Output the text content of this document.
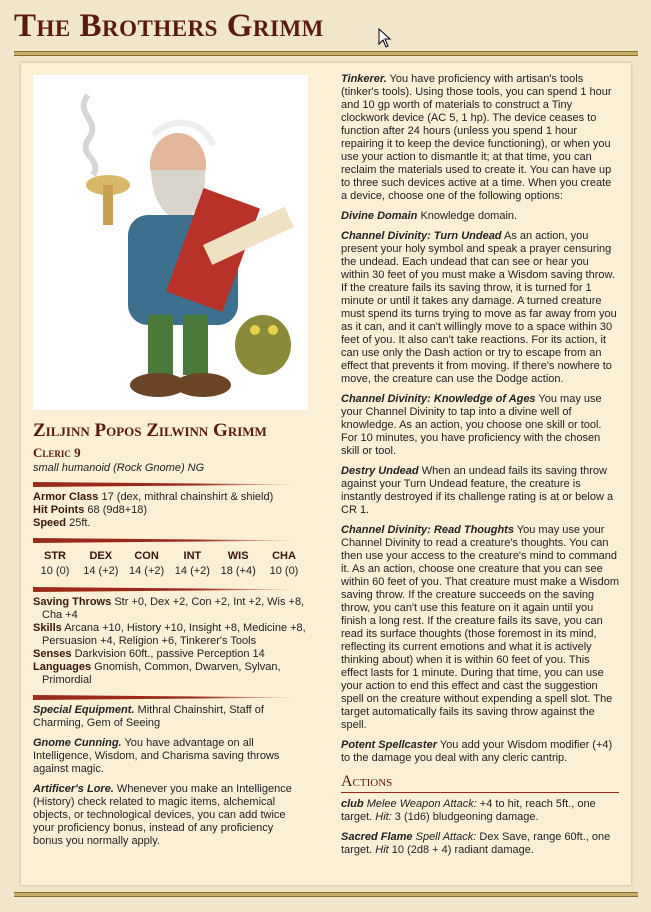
The Brothers Grimm
Ziljinn Popos Zilwinn Grimm
Cleric 9
small humanoid (Rock Gnome) NG
Armor Class 17 (dex, mithral chainshirt & shield)
Hit Points 68 (9d8+18)
Speed 25ft.
STR
10 (0)
DEX
14 (+2)
CON
14 (+2)
INT
14 (+2)
WIS
18 (+4)
CHA
10 (0)
Saving Throws Str +0, Dex +2, Con +2, Int +2, Wis +8, Cha +4
Skills Arcana +10, History +10, Insight +8, Medicine +8, Persuasion +4, Religion +6, Tinkerer's Tools
Senses Darkvision 60ft., passive Perception 14
Languages Gnomish, Common, Dwarven, Sylvan, Primordial

Special Equipment. Mithral Chainshirt, Staff of Charming, Gem of Seeing

Gnome Cunning. You have advantage on all Intelligence, Wisdom, and Charisma saving throws against magic.

Artificer's Lore. Whenever you make an Intelligence (History) check related to magic items, alchemical objects, or technological devices, you can add twice your proficiency bonus, instead of any proficiency bonus you normally apply.

Tinkerer. You have proficiency with artisan's tools (tinker's tools). Using those tools, you can spend 1 hour and 10 gp worth of materials to construct a Tiny clockwork device (AC 5, 1 hp). The device ceases to function after 24 hours (unless you spend 1 hour repairing it to keep the device functioning), or when you use your action to dismantle it; at that time, you can reclaim the materials used to create it. You can have up to three such devices active at a time. When you create a device, choose one of the following options:

Divine Domain Knowledge domain.

Channel Divinity: Turn Undead As an action, you present your holy symbol and speak a prayer censuring the undead. Each undead that can see or hear you within 30 feet of you must make a Wisdom saving throw. If the creature fails its saving throw, it is turned for 1 minute or until it takes any damage. A turned creature must spend its turns trying to move as far away from you as it can, and it can't willingly move to a space within 30 feet of you. It also can't take reactions. For its action, it can use only the Dash action or try to escape from an effect that prevents it from moving. If there's nowhere to move, the creature can use the Dodge action.

Channel Divinity: Knowledge of Ages You may use your Channel Divinity to tap into a divine well of knowledge. As an action, you choose one skill or tool. For 10 minutes, you have proficiency with the chosen skill or tool.

Destry Undead When an undead fails its saving throw against your Turn Undead feature, the creature is instantly destroyed if its challenge rating is at or below a CR 1.

Channel Divinity: Read Thoughts You may use your Channel Divinity to read a creature's thoughts. You can then use your access to the creature's mind to command it. As an action, choose one creature that you can see within 60 feet of you. That creature must make a Wisdom saving throw. If the creature succeeds on the saving throw, you can't use this feature on it again until you finish a long rest. If the creature fails its save, you can read its surface thoughts (those foremost in its mind, reflecting its current emotions and what it is actively thinking about) when it is within 60 feet of you. This effect lasts for 1 minute. During that time, you can use your action to end this effect and cast the suggestion spell on the creature without expending a spell slot. The target automatically fails its saving throw against the spell.

Potent Spellcaster You add your Wisdom modifier (+4) to the damage you deal with any cleric cantrip.

Actions

club Melee Weapon Attack: +4 to hit, reach 5ft., one target. Hit: 3 (1d6) bludgeoning damage.

Sacred Flame Spell Attack: Dex Save, range 60ft., one target. Hit 10 (2d8 + 4) radiant damage.
